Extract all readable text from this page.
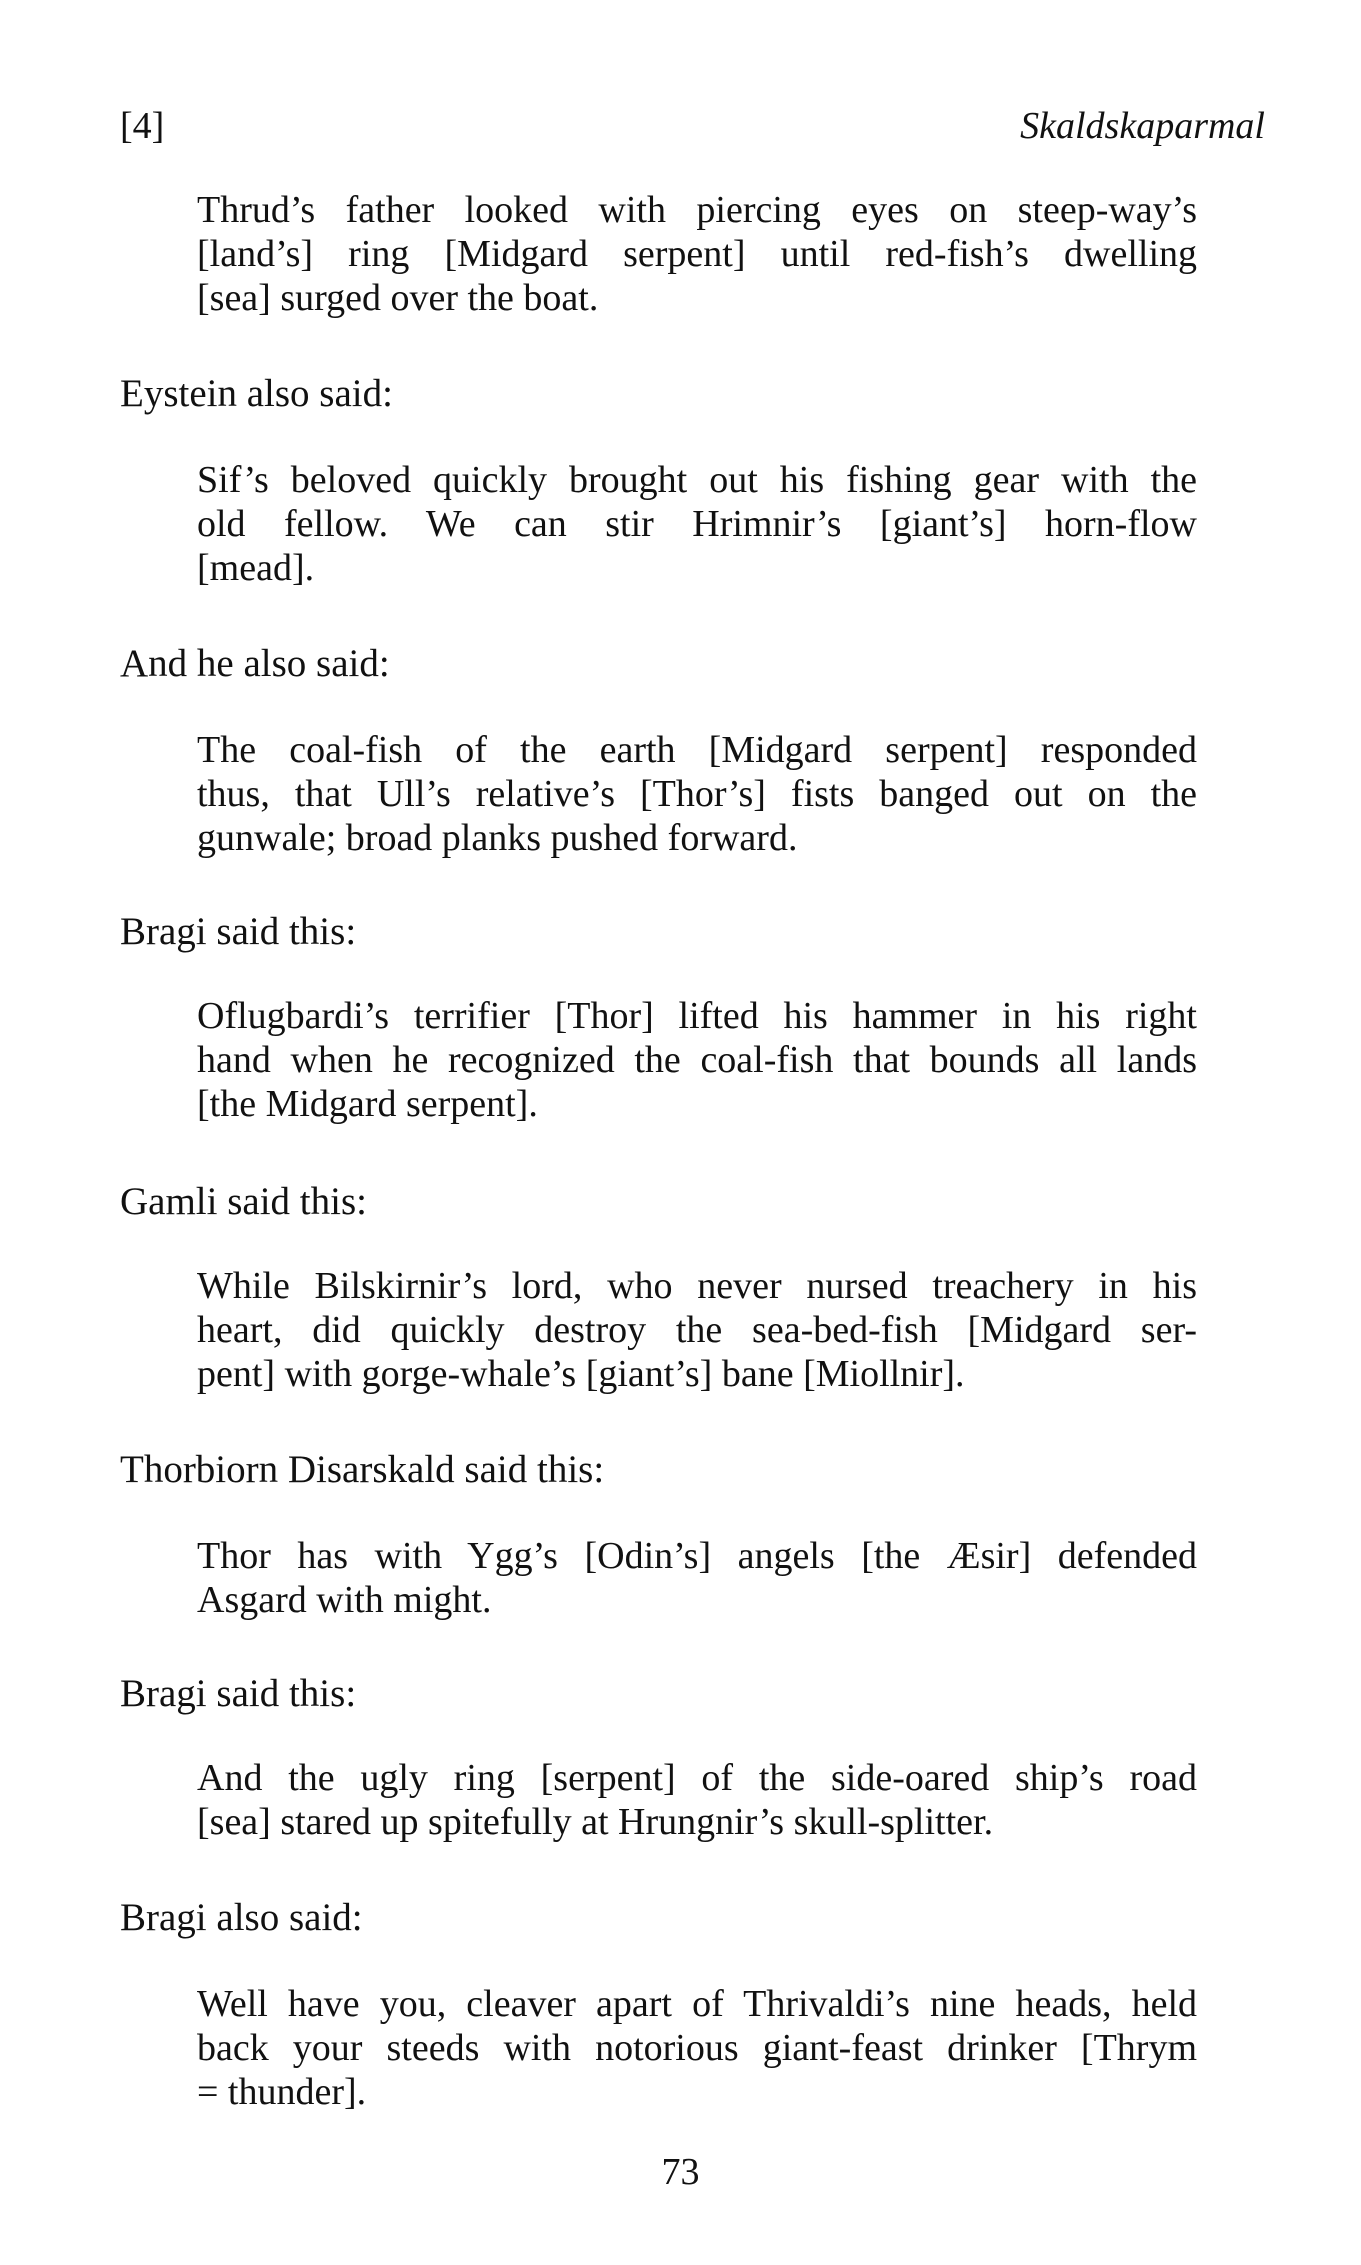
[4]	Skaldskaparmal
Thrud’s father looked with piercing eyes on steep-way’s
[land’s] ring [Midgard serpent] until red-fish’s dwelling
[sea] surged over the boat.
Eystein also said:
Sif’s beloved quickly brought out his fishing gear with the
old fellow. We can stir Hrimnir’s [giant’s] horn-flow
[mead].
And he also said:
The coal-fish of the earth [Midgard serpent] responded
thus, that Ull’s relative’s [Thor’s] fists banged out on the
gunwale; broad planks pushed forward.
Bragi said this:
Oflugbardi’s terrifier [Thor] lifted his hammer in his right
hand when he recognized the coal-fish that bounds all lands
[the Midgard serpent].
Gamli said this:
While Bilskirnir’s lord, who never nursed treachery in his
heart, did quickly destroy the sea-bed-fish [Midgard ser-
pent] with gorge-whale’s [giant’s] bane [Miollnir].
Thorbiorn Disarskald said this:
Thor has with Ygg’s [Odin’s] angels [the Æsir] defended
Asgard with might.
Bragi said this:
And the ugly ring [serpent] of the side-oared ship’s road
[sea] stared up spitefully at Hrungnir’s skull-splitter.
Bragi also said:
Well have you, cleaver apart of Thrivaldi’s nine heads, held
back your steeds with notorious giant-feast drinker [Thrym
= thunder].
73
